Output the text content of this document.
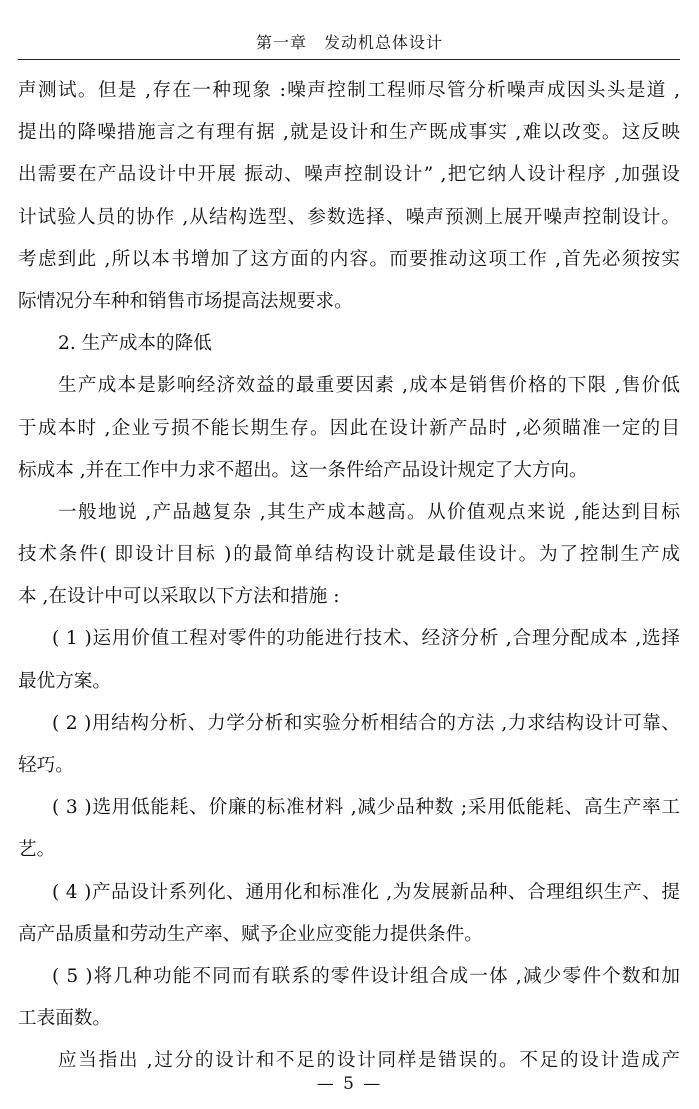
第一章　发动机总体设计
声测试。但是 ,存在一种现象 :噪声控制工程师尽管分析噪声成因头头是道 ,
提出的降噪措施言之有理有据 ,就是设计和生产既成事实 ,难以改变。这反映
出需要在产品设计中开展 振动、噪声控制设计” ,把它纳人设计程序 ,加强设
计试验人员的协作 ,从结构选型、参数选择、噪声预测上展开噪声控制设计。
考虑到此 ,所以本书增加了这方面的内容。而要推动这项工作 ,首先必须按实
际情况分车种和销售市场提高法规要求。
2. 生产成本的降低
生产成本是影响经济效益的最重要因素 ,成本是销售价格的下限 ,售价低
于成本时 ,企业亏损不能长期生存。因此在设计新产品时 ,必须瞄准一定的目
标成本 ,并在工作中力求不超出。这一条件给产品设计规定了大方向。
一般地说 ,产品越复杂 ,其生产成本越高。从价值观点来说 ,能达到目标
技术条件( 即设计目标 )的最简单结构设计就是最佳设计。为了控制生产成
本 ,在设计中可以采取以下方法和措施 :
( 1 )运用价值工程对零件的功能进行技术、经济分析 ,合理分配成本 ,选择
最优方案。
( 2 )用结构分析、力学分析和实验分析相结合的方法 ,力求结构设计可靠、
轻巧。
( 3 )选用低能耗、价廉的标准材料 ,减少品种数 ;采用低能耗、高生产率工
艺。
( 4 )产品设计系列化、通用化和标准化 ,为发展新品种、合理组织生产、提
高产品质量和劳动生产率、赋予企业应变能力提供条件。
( 5 )将几种功能不同而有联系的零件设计组合成一体 ,减少零件个数和加
工表面数。
应当指出 ,过分的设计和不足的设计同样是错误的。不足的设计造成产
— 5 —
